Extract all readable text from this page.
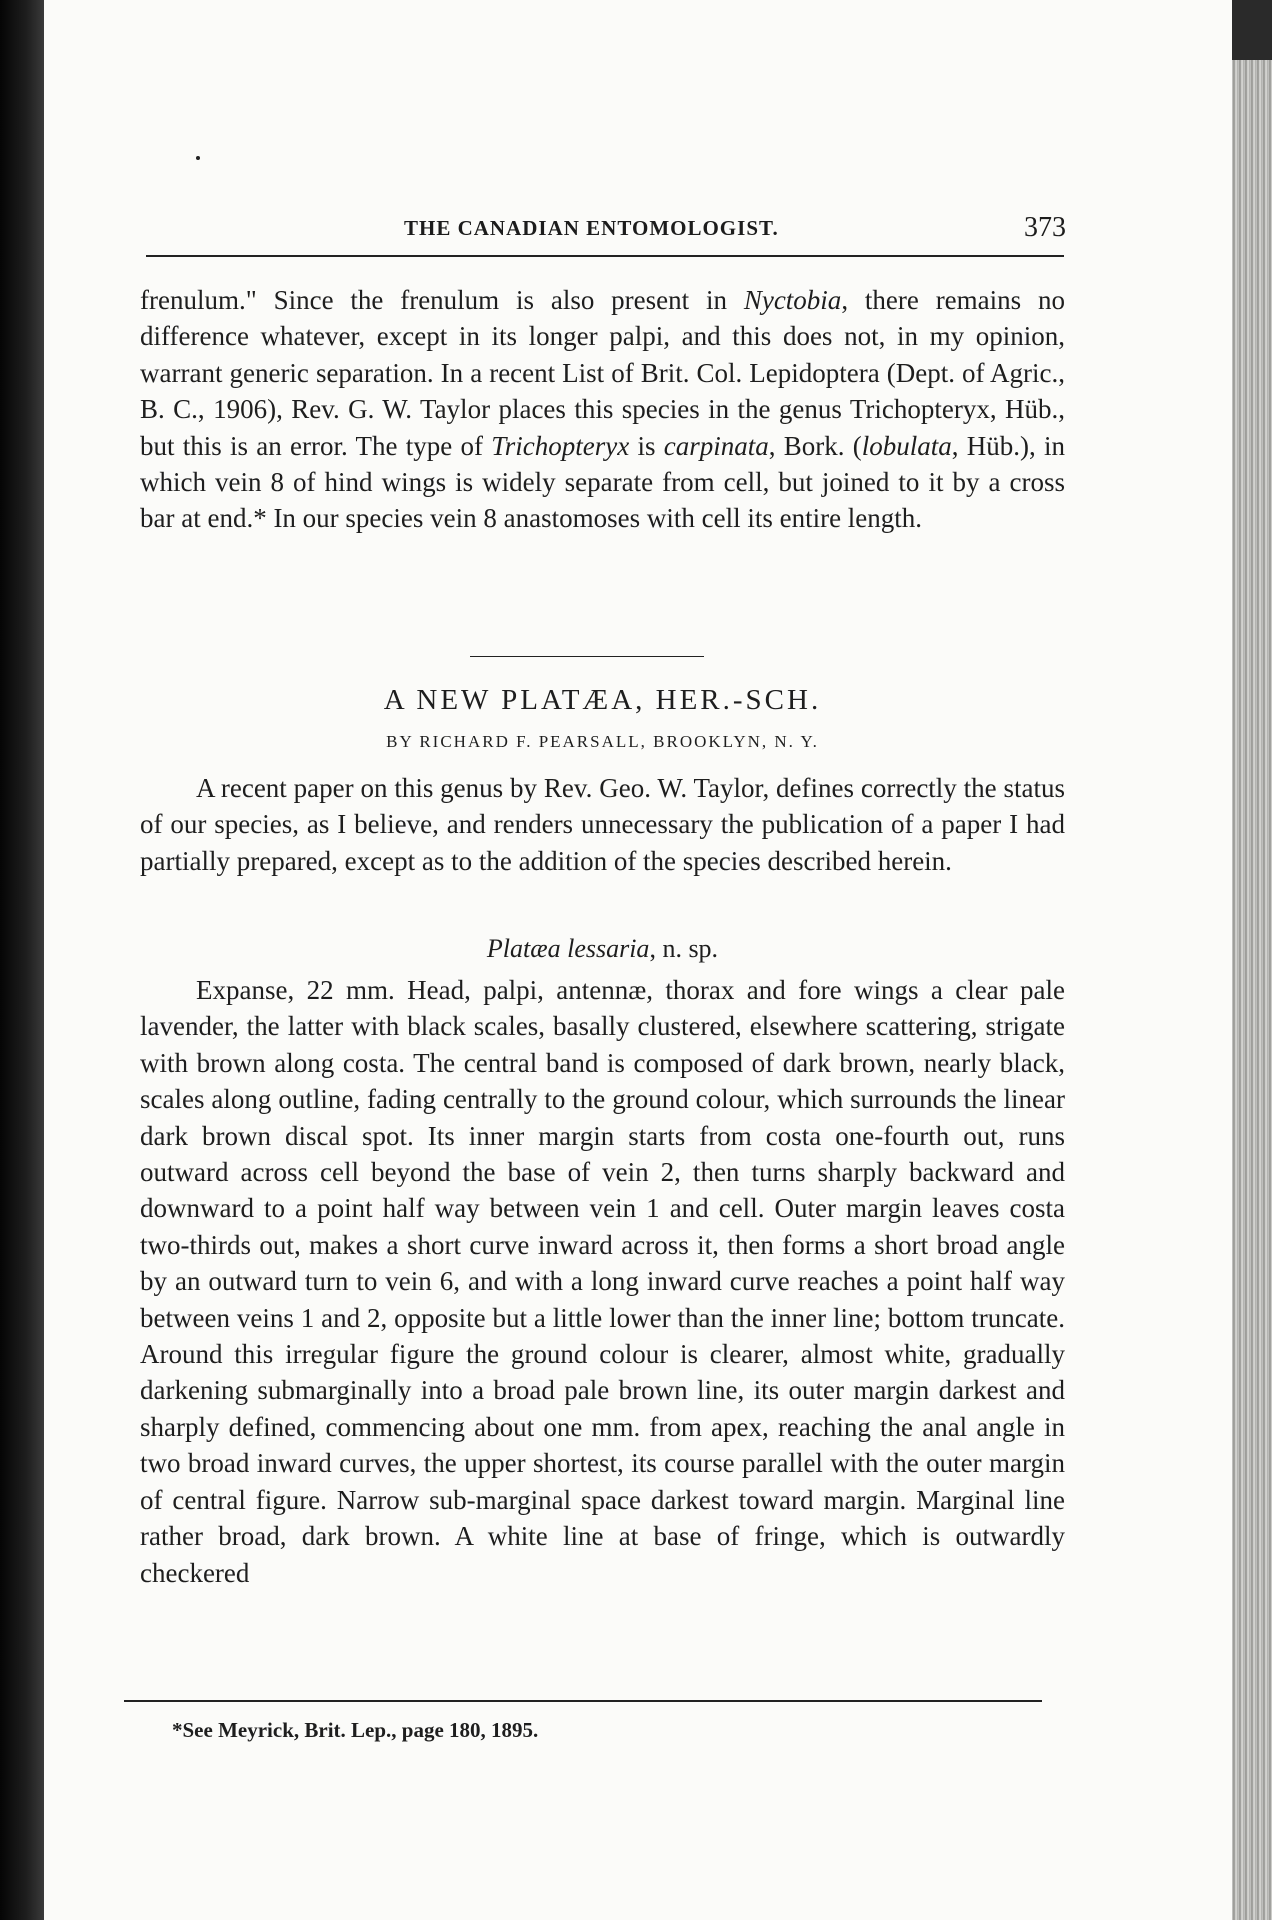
THE CANADIAN ENTOMOLOGIST.	373

frenulum." Since the frenulum is also present in Nyctobia, there remains no difference whatever, except in its longer palpi, and this does not, in my opinion, warrant generic separation. In a recent List of Brit. Col. Lepidoptera (Dept. of Agric., B. C., 1906), Rev. G. W. Taylor places this species in the genus Trichopteryx, Hüb., but this is an error. The type of Trichopteryx is carpinata, Bork. (lobulata, Hüb.), in which vein 8 of hind wings is widely separate from cell, but joined to it by a cross bar at end.* In our species vein 8 anastomoses with cell its entire length.

A NEW PLATÆA, HER.-SCH.
BY RICHARD F. PEARSALL, BROOKLYN, N. Y.

A recent paper on this genus by Rev. Geo. W. Taylor, defines correctly the status of our species, as I believe, and renders unnecessary the publication of a paper I had partially prepared, except as to the addition of the species described herein.

Platæa lessaria, n. sp.

Expanse, 22 mm. Head, palpi, antennæ, thorax and fore wings a clear pale lavender, the latter with black scales, basally clustered, elsewhere scattering, strigate with brown along costa. The central band is composed of dark brown, nearly black, scales along outline, fading centrally to the ground colour, which surrounds the linear dark brown discal spot. Its inner margin starts from costa one-fourth out, runs outward across cell beyond the base of vein 2, then turns sharply backward and downward to a point half way between vein 1 and cell. Outer margin leaves costa two-thirds out, makes a short curve inward across it, then forms a short broad angle by an outward turn to vein 6, and with a long inward curve reaches a point half way between veins 1 and 2, opposite but a little lower than the inner line; bottom truncate. Around this irregular figure the ground colour is clearer, almost white, gradually darkening submarginally into a broad pale brown line, its outer margin darkest and sharply defined, commencing about one mm. from apex, reaching the anal angle in two broad inward curves, the upper shortest, its course parallel with the outer margin of central figure. Narrow sub-marginal space darkest toward margin. Marginal line rather broad, dark brown. A white line at base of fringe, which is outwardly checkered

*See Meyrick, Brit. Lep., page 180, 1895.
